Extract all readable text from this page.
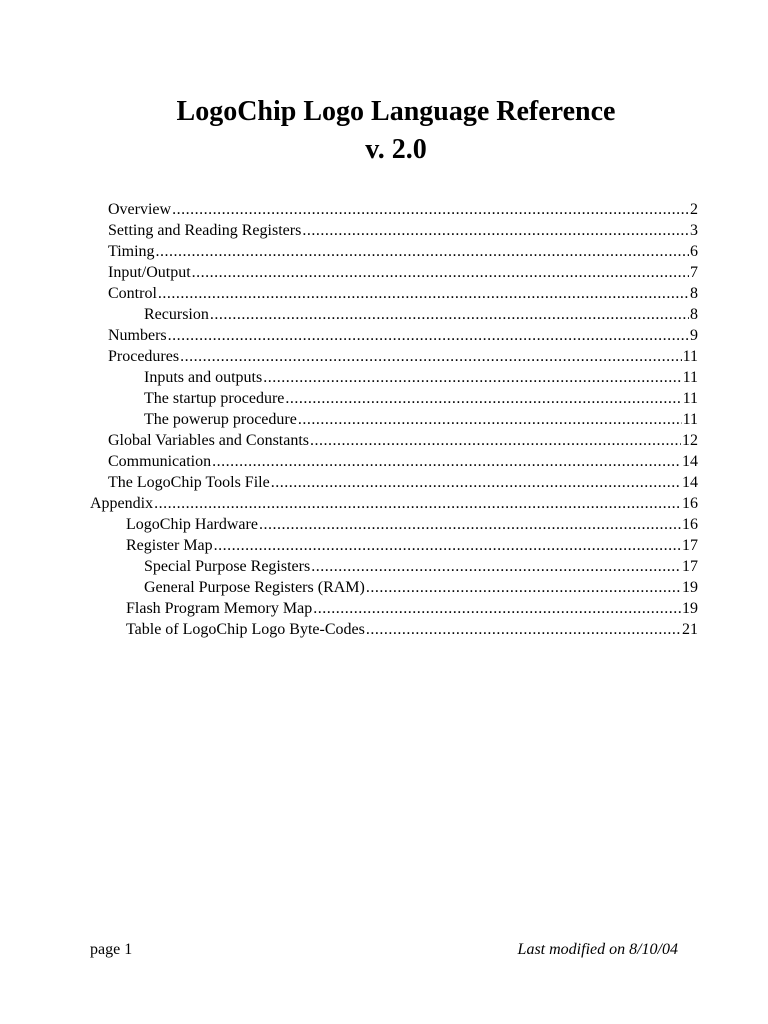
LogoChip Logo Language Reference
v. 2.0
Overview .....	2
Setting and Reading Registers .....	3
Timing .....	6
Input/Output .....	7
Control .....	8
Recursion .....	8
Numbers .....	9
Procedures .....	11
Inputs and outputs .....	11
The startup procedure .....	11
The powerup procedure .....	11
Global Variables and Constants .....	12
Communication .....	14
The LogoChip Tools File .....	14
Appendix .....	16
LogoChip Hardware .....	16
Register Map .....	17
Special Purpose Registers .....	17
General Purpose Registers (RAM) .....	19
Flash Program Memory Map .....	19
Table of LogoChip Logo Byte-Codes .....	21
page 1	Last modified on 8/10/04
